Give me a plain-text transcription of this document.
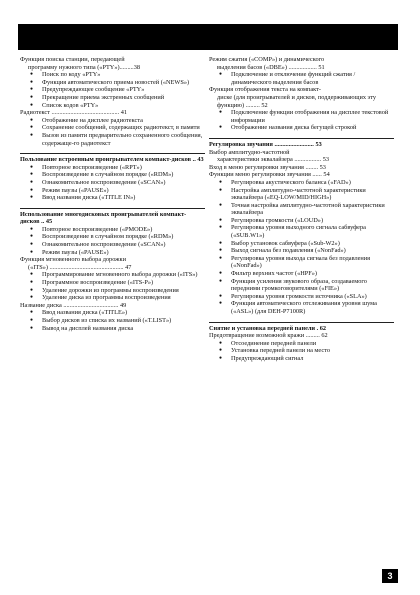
Функция поиска станции, передающей
программу нужного типа («PTY»).........38
● Поиск по коду «PTY»
● Функция автоматического приема новостей («NEWS»)
● Предупреждающее сообщение «PTY»
● Прекращение приема экстренных сообщений
● Список кодов «PTY»
Радиотекст ........................................... 41
● Отображение на дисплее радиотекста
● Сохранение сообщений, содержащих радиотекст, в памяти
● Вызов из памяти предварительно сохраненного сообщения, содержаще-го радиотекст
Пользование встроенным проигрывателем компакт-дисков .. 43
● Повторное воспроизведение («RPT»)
● Воспроизведение в случайном порядке («RDM»)
● Ознакомительное воспроизведение («SCAN»)
● Режим паузы («PAUSE»)
● Ввод названия диска («TITLE IN»)
Использование многодисковых проигрывателей компакт-дисков .. 45
● Повторное воспроизведение («PMODE»)
● Воспроизведение в случайном порядке («RDM»)
● Ознакомительное воспроизведение («SCAN»)
● Режим паузы («PAUSE»)
Функция мгновенного выбора дорожки
(«ITS») ............................................... 47
● Программирование мгновенного выбора дорожки («ITS»)
● Программное воспроизведение («ITS-P»)
● Удаление дорожки из программы воспроизведения
● Удаление диска из программы воспроизведения
Название диска ................................... 49
● Ввод названия диска («TITLE»)
● Выбор дисков из списка их названий («T.LIST»)
● Вывод на дисплей названия диска
Режим сжатия («COMP») и динамического
выделения басов («DBE») .................. 51
● Подключение и отключение функций сжатия / динамического выделения басов
Функция отображения текста на компакт-
диске (для проигрывателей и дисков, поддерживающих эту функцию) ......... 52
● Подключение функции отображения на дисплее текстовой информации
● Отображение названия диска бегущей строкой
Регулировка звучания ......................... 53
Выбор амплитудно-частотной
характеристики эквалайзера ................. 53
Вход в меню регулировки звучания ........ 53
Функции меню регулировки звучания ...... 54
● Регулировка акустического баланса («FAD»)
● Настройка амплитудно-частотной характеристики эквалайзера («EQ-LOW/MID/HIGH»)
● Точная настройка амплитудно-частотной характеристики эквалайзера
● Регулировка громкости («LOUD»)
● Регулировка уровня выходного сигнала сабвуфера («SUB.W1»)
● Выбор установок сабвуфера («Sub-W2»)
● Выход сигнала без подавления («NonFad»)
● Регулировка уровня выхода сигнала без подавления («NonFad»)
● Фильтр верхних частот («HPF»)
● Функция усиления звукового образа, создаваемого передними громкоговорителями («FIE»)
● Регулировка уровня громкости источника («SLA»)
● Функция автоматического отслеживания уровня шума («ASL») (для DEH-P7100R)
Снятие и установка передней панели . 62
Предотвращение возможной кражи ......... 62
● Отсоединение передней панели
● Установка передней панели на место
● Предупреждающий сигнал
3
